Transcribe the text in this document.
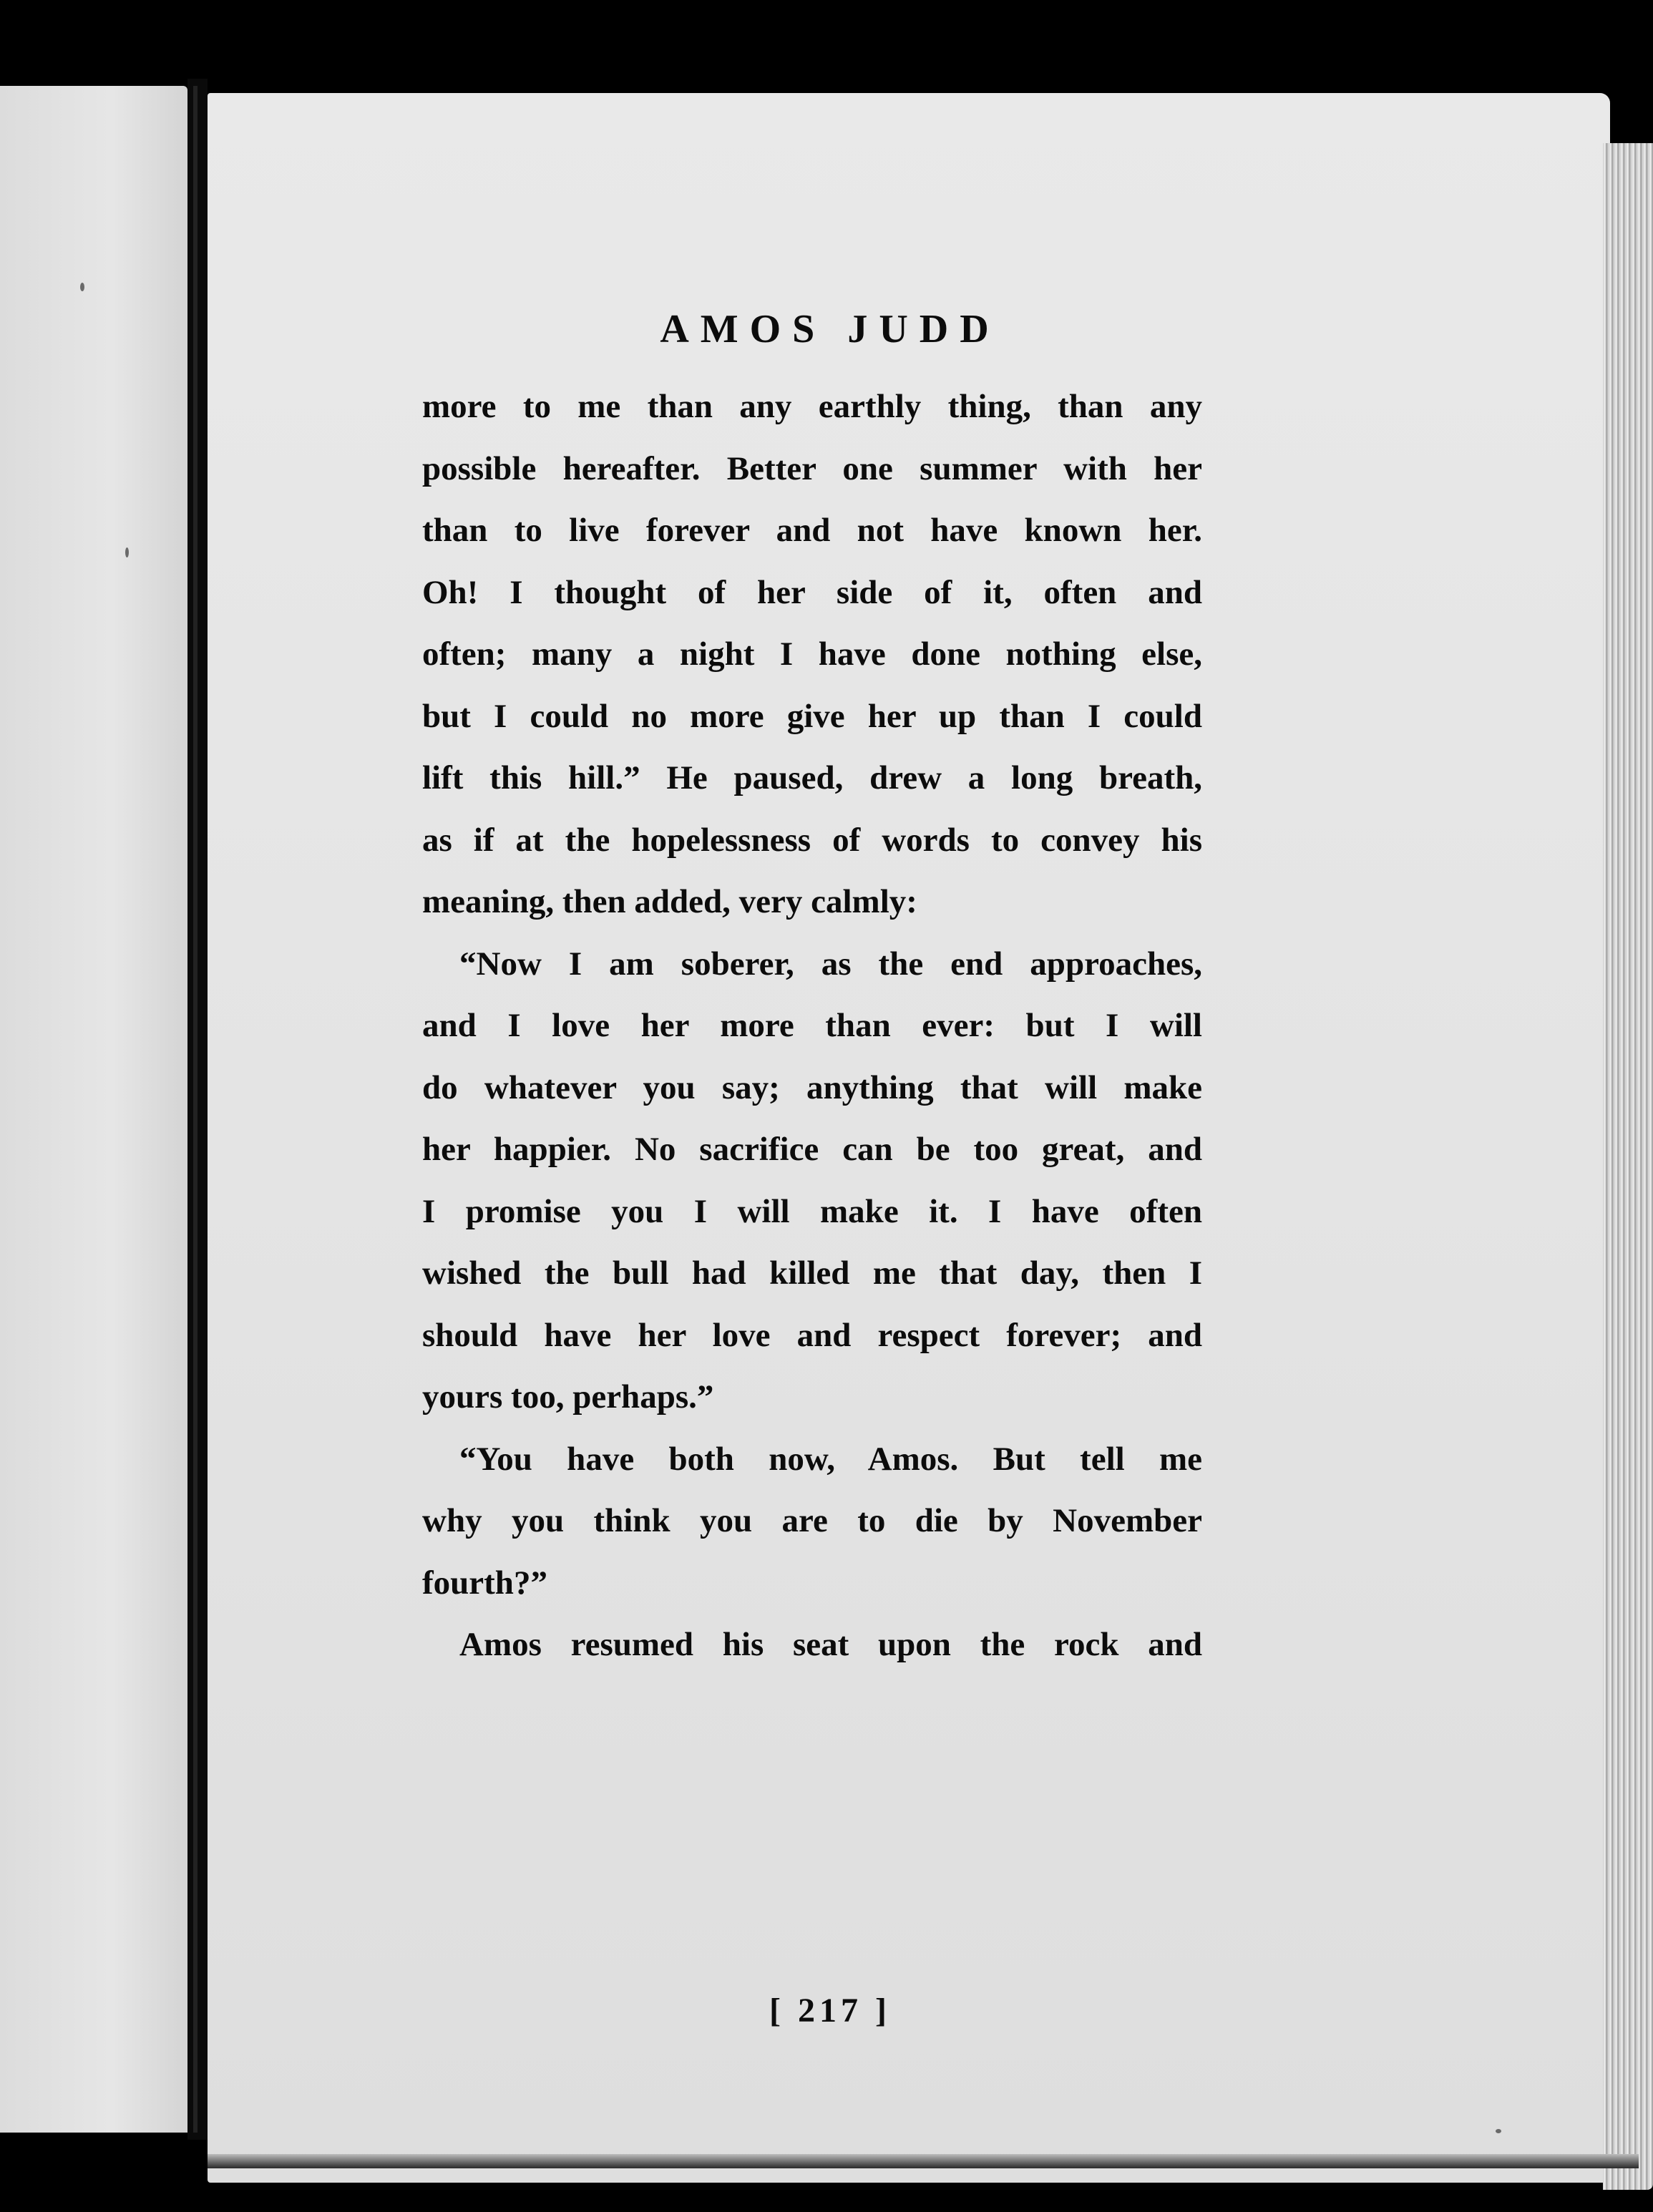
AMOS JUDD
more to me than any earthly thing, than any
possible hereafter. Better one summer with her
than to live forever and not have known her.
Oh! I thought of her side of it, often and
often; many a night I have done nothing else,
but I could no more give her up than I could
lift this hill.” He paused, drew a long breath,
as if at the hopelessness of words to convey his
meaning, then added, very calmly:
“Now I am soberer, as the end approaches,
and I love her more than ever: but I will
do whatever you say; anything that will make
her happier. No sacrifice can be too great, and
I promise you I will make it. I have often
wished the bull had killed me that day, then I
should have her love and respect forever; and
yours too, perhaps.”
“You have both now, Amos. But tell me
why you think you are to die by November
fourth?”
Amos resumed his seat upon the rock and
[ 217 ]
